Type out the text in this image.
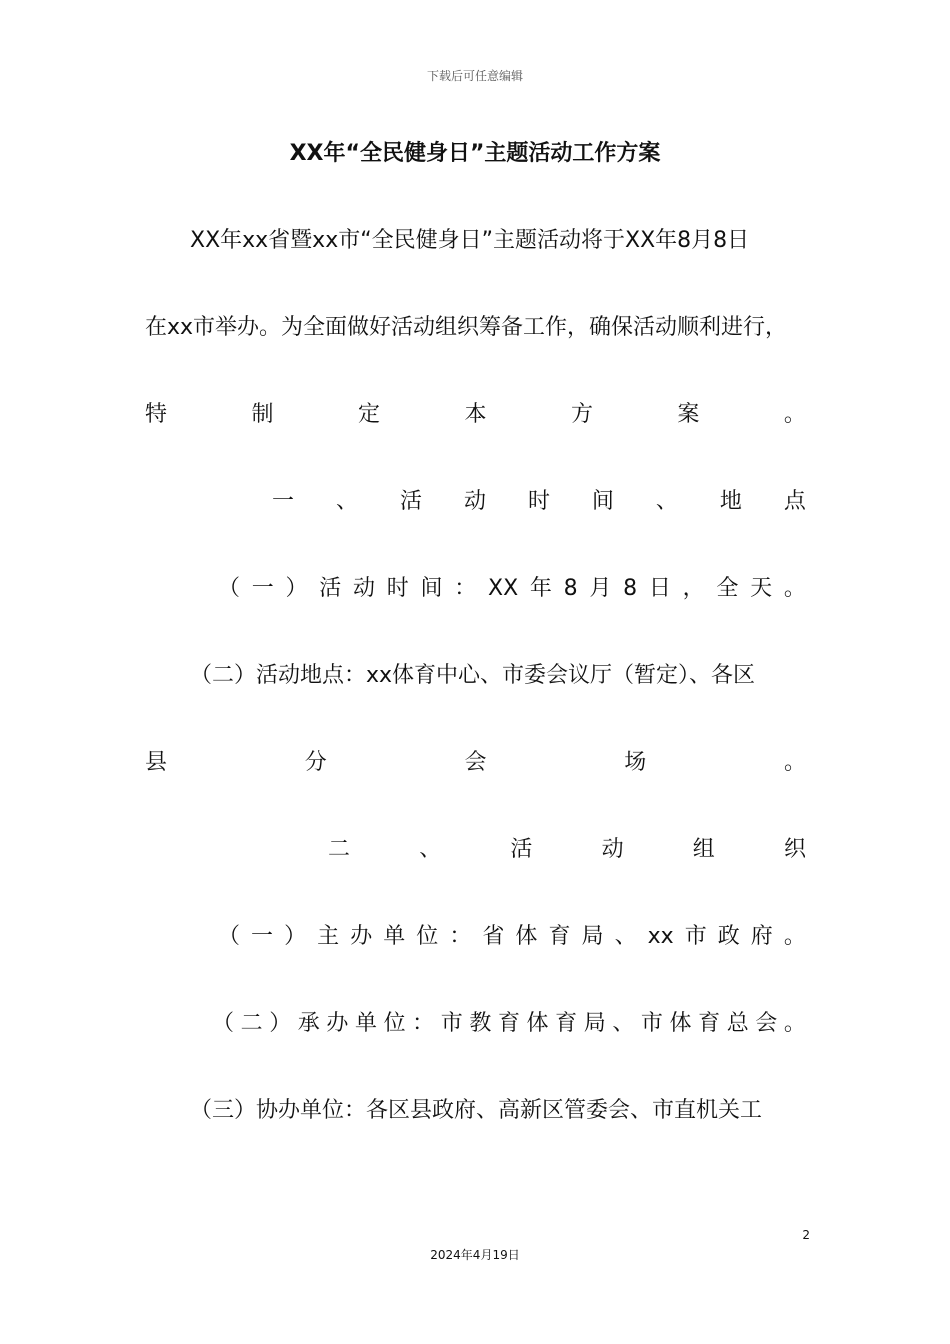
下载后可任意编辑
XX年“全民健身日”主题活动工作方案
XX年xx省暨xx市“全民健身日”主题活动将于XX年8月8日
在xx市举办。为全面做好活动组织筹备工作，确保活动顺利进行，
特	制	定	本	方	案	。
一 、 活 动 时 间 、 地 点
（ 一 ） 活 动 时 间 ： XX 年 8 月 8 日 ， 全 天 。
（二）活动地点：xx体育中心、市委会议厅（暂定）、各区
县	分	会	场	。
二	、	活	动	组	织
（ 一 ） 主 办 单 位 ： 省 体 育 局 、 xx 市 政 府 。
（ 二 ） 承 办 单 位 ： 市 教 育 体 育 局 、 市 体 育 总 会 。
（三）协办单位：各区县政府、高新区管委会、市直机关工
2
2024年4月19日
